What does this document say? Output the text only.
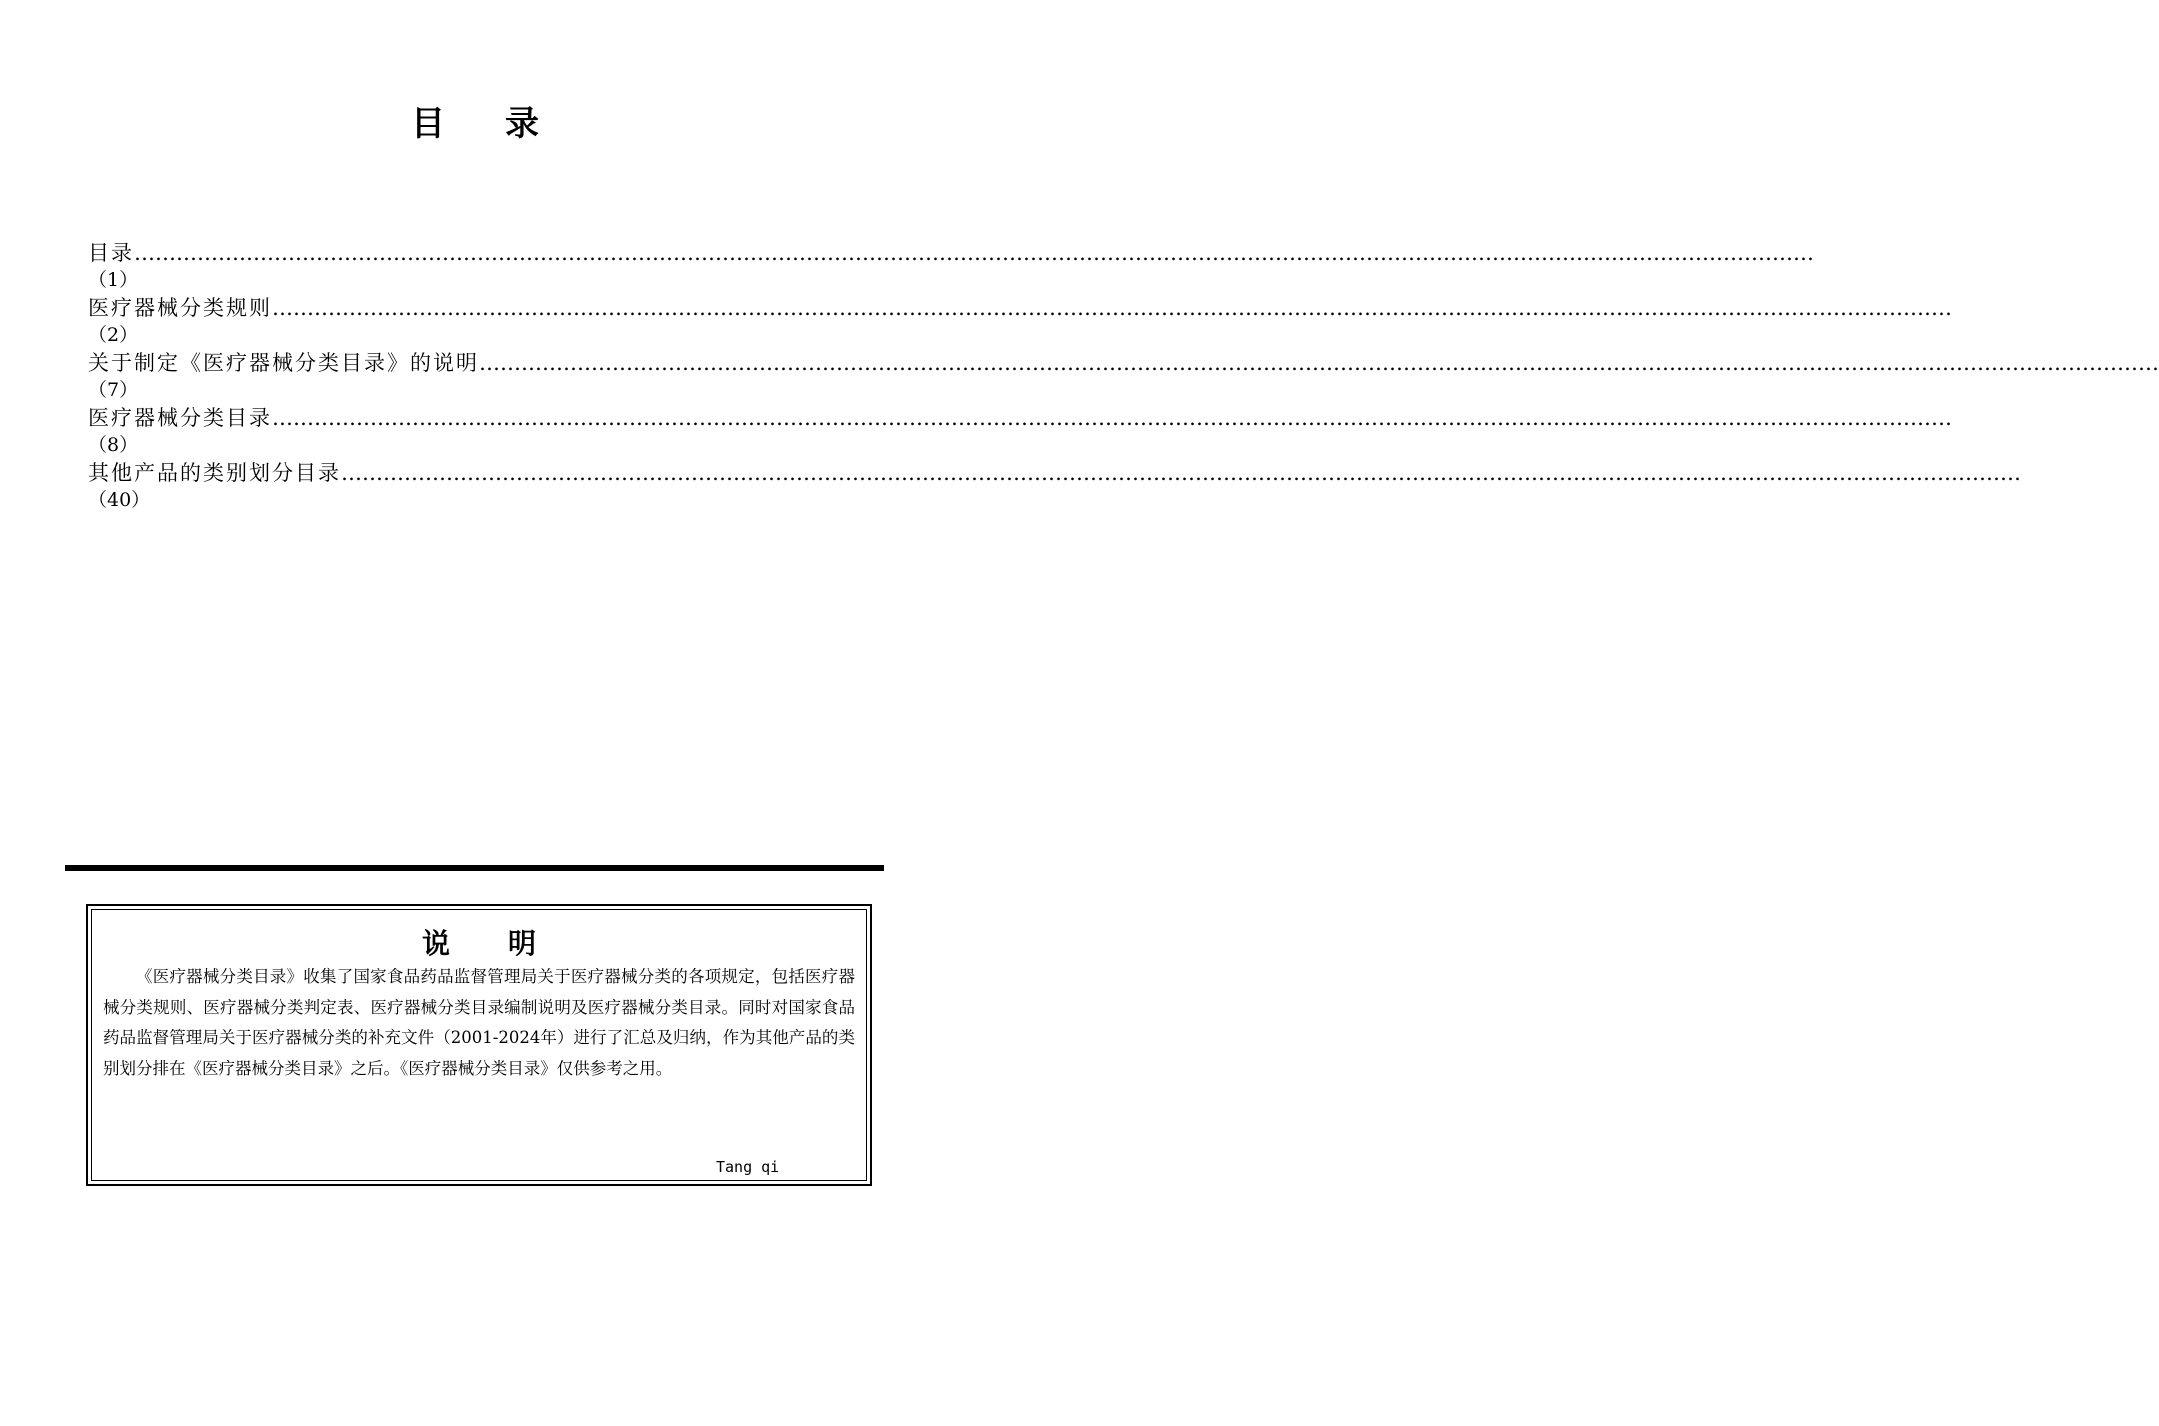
目录
目录 ……………………………………………………………………………………………………………………………………………………………………………………………………………………
（1）
医疗器械分类规则 ……………………………………………………………………………………………………………………………………………………………………………………………………………………
（2）
关于制定《医疗器械分类目录》的说明 ……………………………………………………………………………………………………………………………………………………………………………………………………………………
（7）
医疗器械分类目录 ……………………………………………………………………………………………………………………………………………………………………………………………………………………
（8）
其他产品的类别划分目录 ……………………………………………………………………………………………………………………………………………………………………………………………………………………
（40）
说明
《医疗器械分类目录》收集了国家食品药品监督管理局关于医疗器械分类的各项规定，包括医疗器械分类规则、医疗器械分类判定表、医疗器械分类目录编制说明及医疗器械分类目录。同时对国家食品药品监督管理局关于医疗器械分类的补充文件（2001-2024年）进行了汇总及归纳，作为其他产品的类别划分排在《医疗器械分类目录》之后。《医疗器械分类目录》仅供参考之用。
Tang qi
